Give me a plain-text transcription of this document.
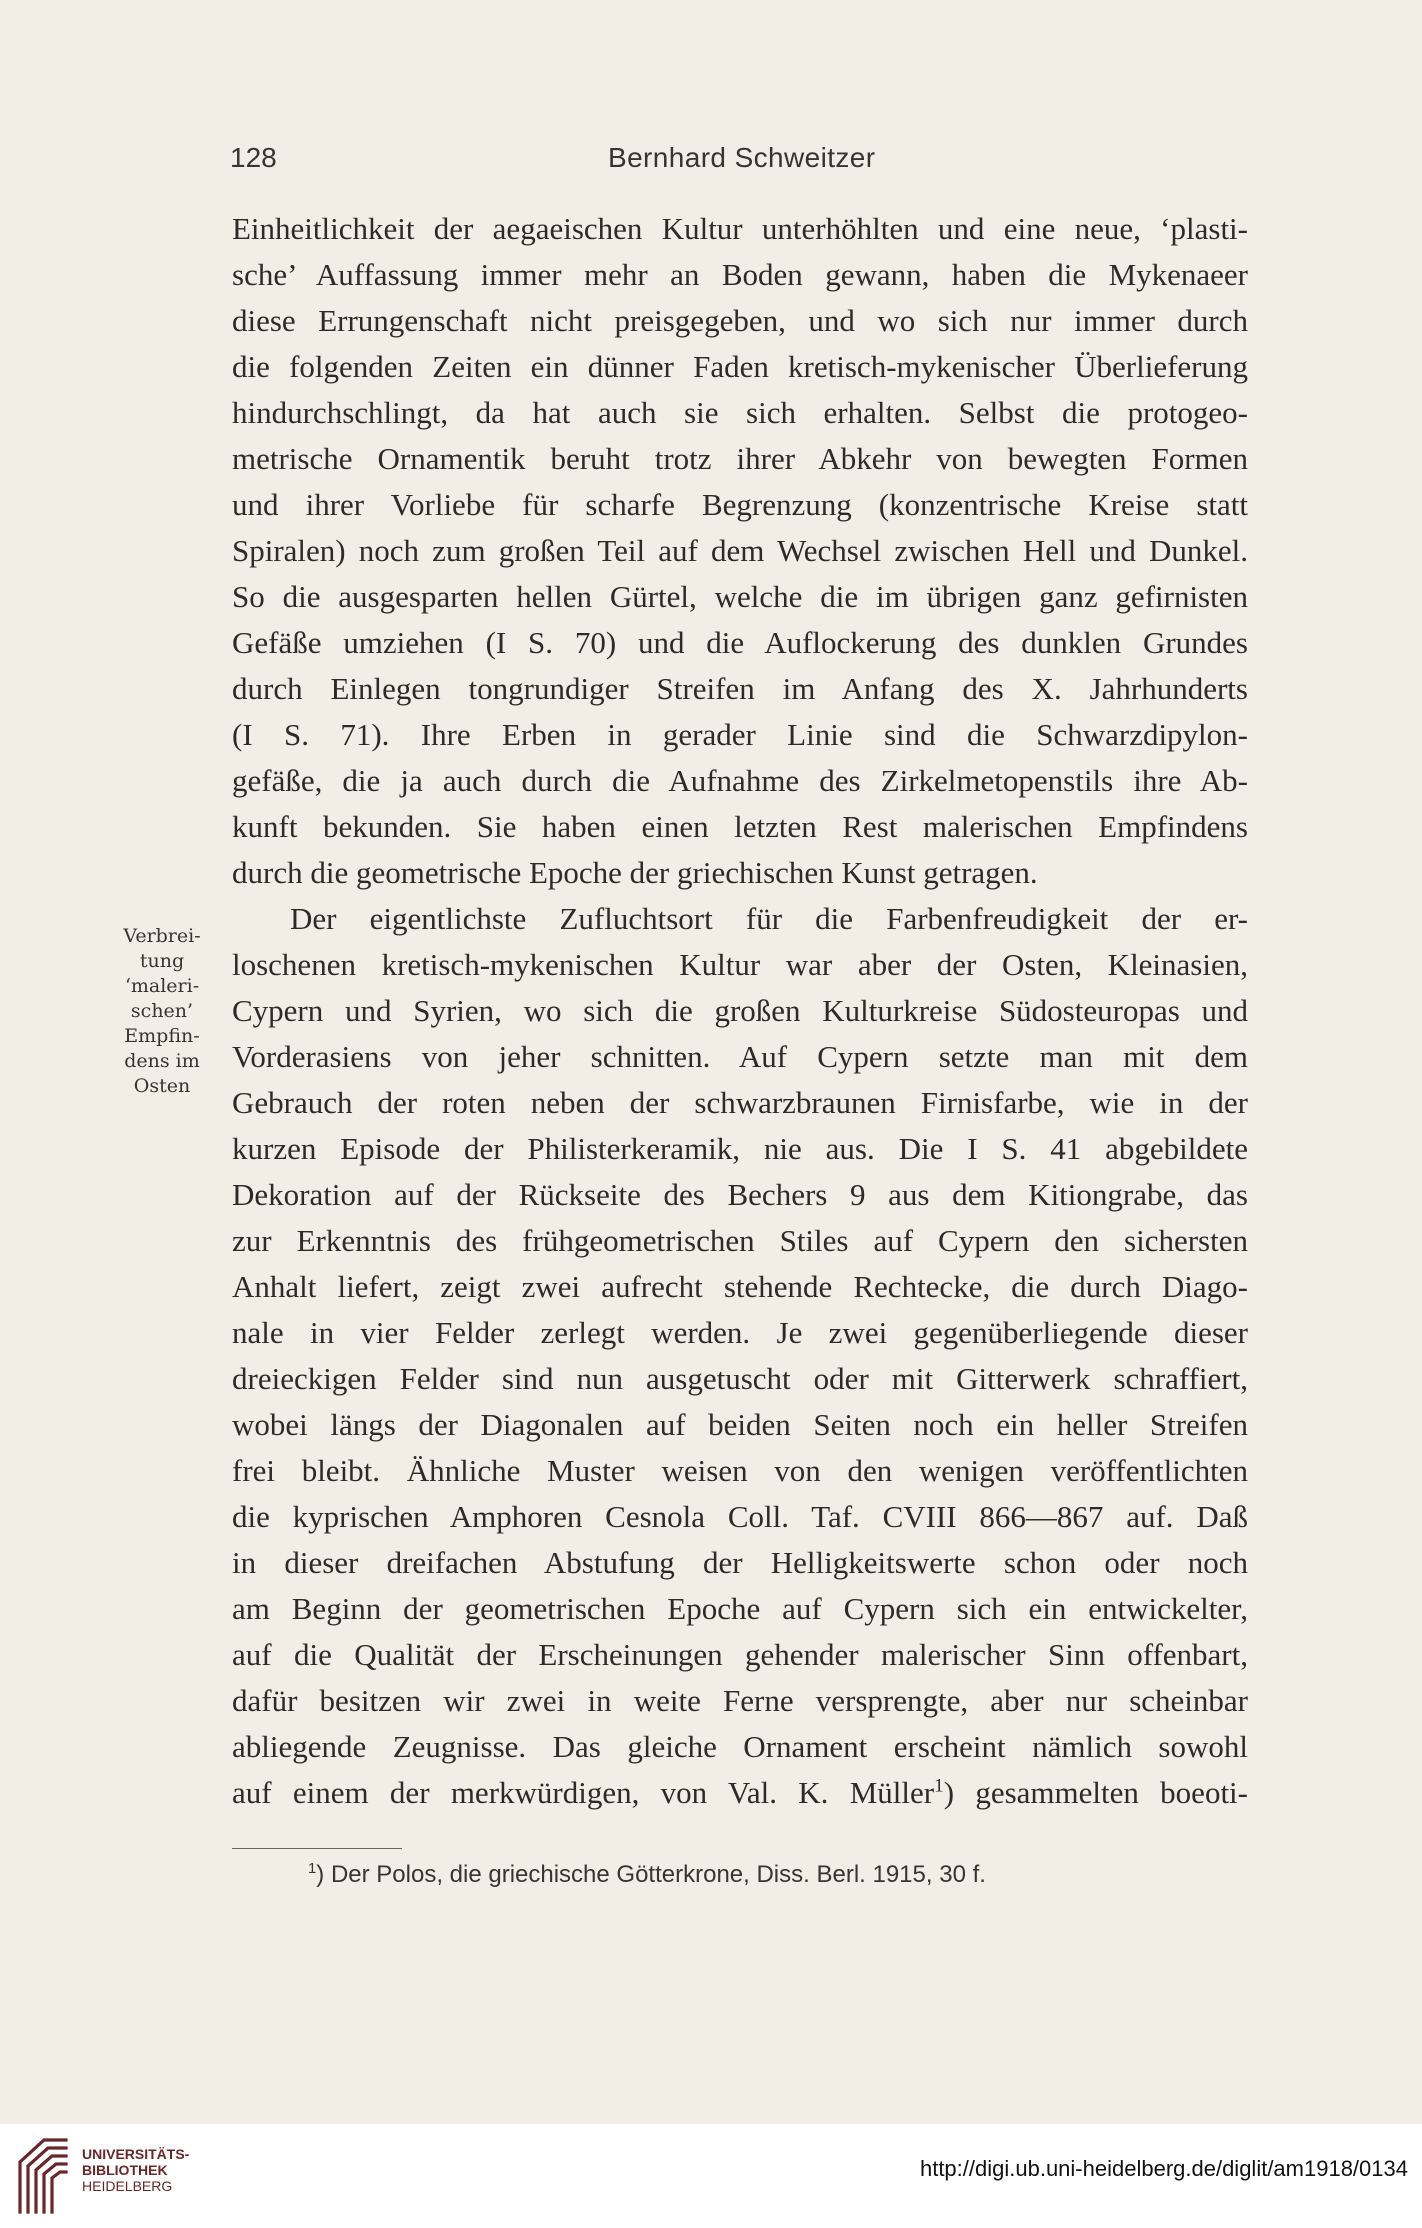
128	Bernhard Schweitzer
Verbrei-
tung
‘maleri-
schen’
Empfin-
dens im
Osten
Einheitlichkeit der aegaeischen Kultur unterhöhlten und eine neue, ‘plasti-
sche’ Auffassung immer mehr an Boden gewann, haben die Mykenaeer
diese Errungenschaft nicht preisgegeben, und wo sich nur immer durch
die folgenden Zeiten ein dünner Faden kretisch-mykenischer Überlieferung
hindurchschlingt, da hat auch sie sich erhalten. Selbst die protogeo-
metrische Ornamentik beruht trotz ihrer Abkehr von bewegten Formen
und ihrer Vorliebe für scharfe Begrenzung (konzentrische Kreise statt
Spiralen) noch zum großen Teil auf dem Wechsel zwischen Hell und Dunkel.
So die ausgesparten hellen Gürtel, welche die im übrigen ganz gefirnisten
Gefäße umziehen (I S. 70) und die Auflockerung des dunklen Grundes
durch Einlegen tongrundiger Streifen im Anfang des X. Jahrhunderts
(I S. 71). Ihre Erben in gerader Linie sind die Schwarzdipylon-
gefäße, die ja auch durch die Aufnahme des Zirkelmetopenstils ihre Ab-
kunft bekunden. Sie haben einen letzten Rest malerischen Empfindens
durch die geometrische Epoche der griechischen Kunst getragen.
Der eigentlichste Zufluchtsort für die Farbenfreudigkeit der er-
loschenen kretisch-mykenischen Kultur war aber der Osten, Kleinasien,
Cypern und Syrien, wo sich die großen Kulturkreise Südosteuropas und
Vorderasiens von jeher schnitten. Auf Cypern setzte man mit dem
Gebrauch der roten neben der schwarzbraunen Firnisfarbe, wie in der
kurzen Episode der Philisterkeramik, nie aus. Die I S. 41 abgebildete
Dekoration auf der Rückseite des Bechers 9 aus dem Kitiongrabe, das
zur Erkenntnis des frühgeometrischen Stiles auf Cypern den sichersten
Anhalt liefert, zeigt zwei aufrecht stehende Rechtecke, die durch Diago-
nale in vier Felder zerlegt werden. Je zwei gegenüberliegende dieser
dreieckigen Felder sind nun ausgetuscht oder mit Gitterwerk schraffiert,
wobei längs der Diagonalen auf beiden Seiten noch ein heller Streifen
frei bleibt. Ähnliche Muster weisen von den wenigen veröffentlichten
die kyprischen Amphoren Cesnola Coll. Taf. CVIII 866—867 auf. Daß
in dieser dreifachen Abstufung der Helligkeitswerte schon oder noch
am Beginn der geometrischen Epoche auf Cypern sich ein entwickelter,
auf die Qualität der Erscheinungen gehender malerischer Sinn offenbart,
dafür besitzen wir zwei in weite Ferne versprengte, aber nur scheinbar
abliegende Zeugnisse. Das gleiche Ornament erscheint nämlich sowohl
auf einem der merkwürdigen, von Val. K. Müller$^1$) gesammelten boeoti-
$^1$) Der Polos, die griechische Götterkrone, Diss. Berl. 1915, 30 f.
UNIVERSITÄTS-
BIBLIOTHEK
HEIDELBERG
http://digi.ub.uni-heidelberg.de/diglit/am1918/0134
